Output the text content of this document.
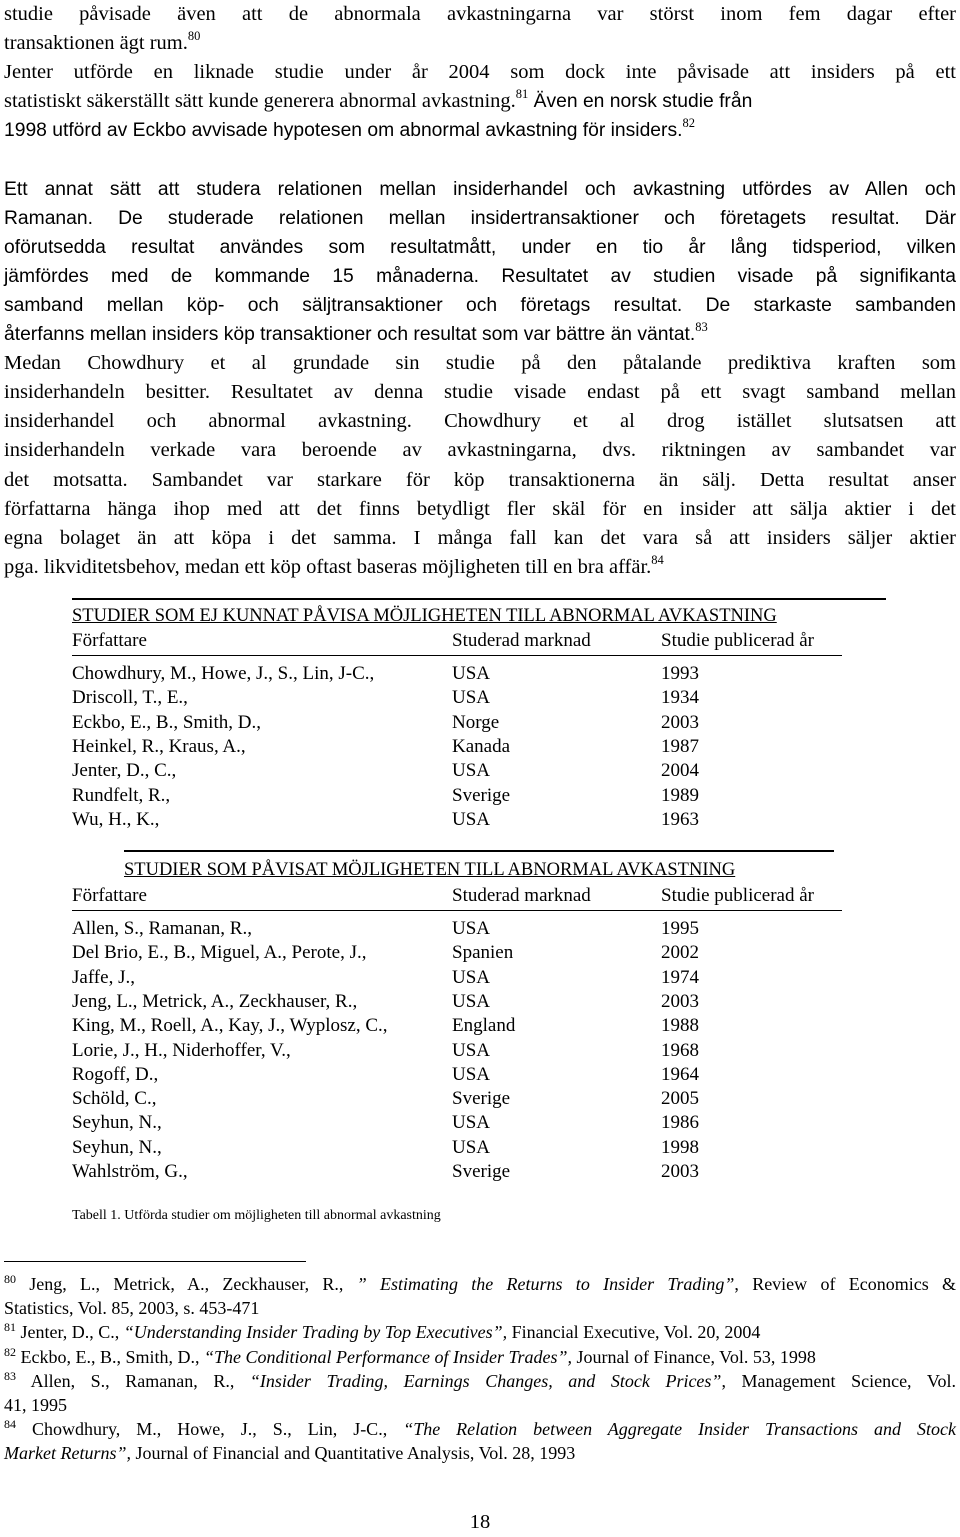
studie påvisade även att de abnormala avkastningarna var störst inom fem dagar efter
transaktionen ägt rum.$^{80}$
Jenter utförde en liknade studie under år 2004 som dock inte påvisade att insiders på ett
statistiskt säkerställt sätt kunde generera abnormal avkastning.$^{81}$ Även en norsk studie från
1998 utförd av Eckbo avvisade hypotesen om abnormal avkastning för insiders.$^{82}$
Ett annat sätt att studera relationen mellan insiderhandel och avkastning utfördes av Allen och
Ramanan. De studerade relationen mellan insidertransaktioner och företagets resultat. Där
oförutsedda resultat användes som resultatmått, under en tio år lång tidsperiod, vilken
jämfördes med de kommande 15 månaderna. Resultatet av studien visade på signifikanta
samband mellan köp- och säljtransaktioner och företags resultat. De starkaste sambanden
återfanns mellan insiders köp transaktioner och resultat som var bättre än väntat.$^{83}$
Medan Chowdhury et al grundade sin studie på den påtalande prediktiva kraften som
insiderhandeln besitter. Resultatet av denna studie visade endast på ett svagt samband mellan
insiderhandel och abnormal avkastning. Chowdhury et al drog istället slutsatsen att
insiderhandeln verkade vara beroende av avkastningarna, dvs. riktningen av sambandet var
det motsatta. Sambandet var starkare för köp transaktionerna än sälj. Detta resultat anser
författarna hänga ihop med att det finns betydligt fler skäl för en insider att sälja aktier i det
egna bolaget än att köpa i det samma. I många fall kan det vara så att insiders säljer aktier
pga. likviditetsbehov, medan ett köp oftast baseras möjligheten till en bra affär.$^{84}$
STUDIER SOM EJ KUNNAT PÅVISA MÖJLIGHETEN TILL ABNORMAL AVKASTNING
Författare	Studerad marknad	Studie publicerad år
Chowdhury, M., Howe, J., S., Lin, J-C.,	USA	1993
Driscoll, T., E.,	USA	1934
Eckbo, E., B., Smith, D.,	Norge	2003
Heinkel, R., Kraus, A.,	Kanada	1987
Jenter, D., C.,	USA	2004
Rundfelt, R.,	Sverige	1989
Wu, H., K.,	USA	1963
STUDIER SOM PÅVISAT MÖJLIGHETEN TILL ABNORMAL AVKASTNING
Författare	Studerad marknad	Studie publicerad år
Allen, S., Ramanan, R.,	USA	1995
Del Brio, E., B., Miguel, A., Perote, J.,	Spanien	2002
Jaffe, J.,	USA	1974
Jeng, L., Metrick, A., Zeckhauser, R.,	USA	2003
King, M., Roell, A., Kay, J., Wyplosz, C.,	England	1988
Lorie, J., H., Niderhoffer, V.,	USA	1968
Rogoff, D.,	USA	1964
Schöld, C.,	Sverige	2005
Seyhun, N.,	USA	1986
Seyhun, N.,	USA	1998
Wahlström, G.,	Sverige	2003
Tabell 1. Utförda studier om möjligheten till abnormal avkastning
$^{80}$ Jeng, L., Metrick, A., Zeckhauser, R., ” Estimating the Returns to Insider Trading”, Review of Economics &
Statistics, Vol. 85, 2003, s. 453-471
$^{81}$ Jenter, D., C., “Understanding Insider Trading by Top Executives”, Financial Executive, Vol. 20, 2004
$^{82}$ Eckbo, E., B., Smith, D., “The Conditional Performance of Insider Trades”, Journal of Finance, Vol. 53, 1998
$^{83}$ Allen, S., Ramanan, R., “Insider Trading, Earnings Changes, and Stock Prices”, Management Science, Vol.
41, 1995
$^{84}$ Chowdhury, M., Howe, J., S., Lin, J-C., “The Relation between Aggregate Insider Transactions and Stock
Market Returns”, Journal of Financial and Quantitative Analysis, Vol. 28, 1993
18
